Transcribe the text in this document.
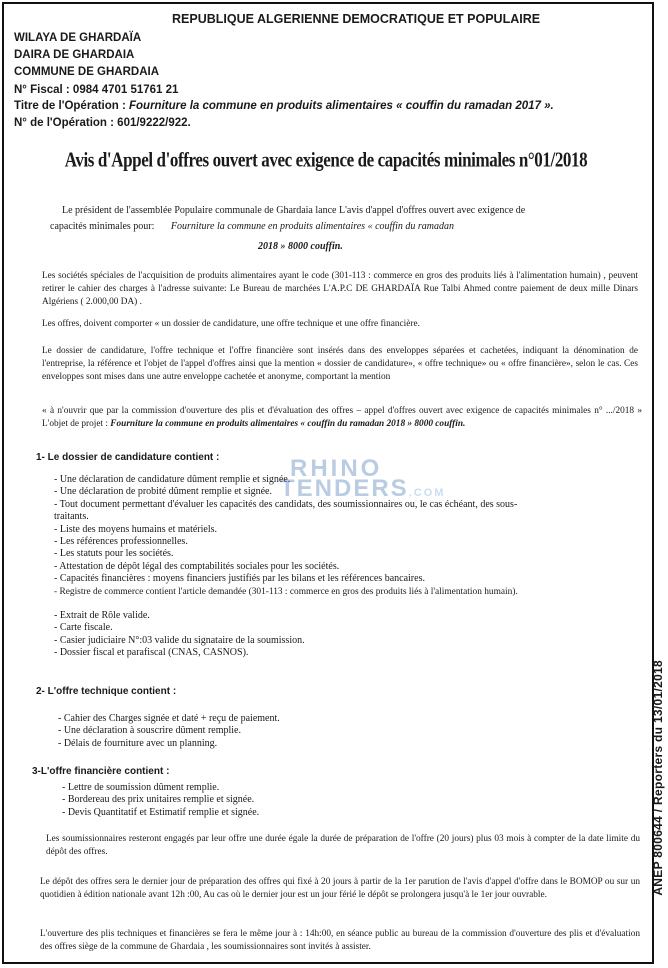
REPUBLIQUE ALGERIENNE DEMOCRATIQUE ET POPULAIRE
WILAYA DE GHARDAÏA
DAIRA DE GHARDAIA
COMMUNE DE GHARDAIA
N° Fiscal : 0984 4701 51761 21
Titre de l'Opération : Fourniture la commune en produits alimentaires « couffin du ramadan 2017 ».
N° de l'Opération : 601/9222/922.
Avis d'Appel d'offres ouvert avec exigence de capacités minimales n°01/2018
Le président de l'assemblée Populaire communale de Ghardaia lance L'avis d'appel d'offres ouvert avec exigence de
capacités minimales pour: Fourniture la commune en produits alimentaires « couffin du ramadan
2018 » 8000 couffin.
Les sociétés spéciales de l'acquisition de produits alimentaires ayant le code (301-113 : commerce en gros des produits liés à l'alimentation humain) , peuvent retirer le cahier des charges à l'adresse suivante: Le Bureau de marchées L'A.P.C DE GHARDAÏA Rue Talbi Ahmed contre paiement de deux mille Dinars Algériens ( 2.000,00 DA) .
Les offres, doivent comporter « un dossier de candidature, une offre technique et une offre financière.
Le dossier de candidature, l'offre technique et l'offre financière sont insérés dans des enveloppes séparées et cachetées, indiquant la dénomination de l'entreprise, la référence et l'objet de l'appel d'offres ainsi que la mention « dossier de candidature», « offre technique» ou « offre financière», selon le cas. Ces enveloppes sont mises dans une autre enveloppe cachetée et anonyme, comportant la mention
« à n'ouvrir que par la commission d'ouverture des plis et d'évaluation des offres – appel d'offres ouvert avec exigence de capacités minimales n° .../2018 » L'objet de projet : Fourniture la commune en produits alimentaires « couffin du ramadan 2018 » 8000 couffin.
1- Le dossier de candidature contient :
- Une déclaration de candidature dûment remplie et signée.
- Une déclaration de probité dûment remplie et signée.
- Tout document permettant d'évaluer les capacités des candidats, des soumissionnaires ou, le cas échéant, des sous-
traitants.
- Liste des moyens humains et matériels.
- Les références professionnelles.
- Les statuts pour les sociétés.
- Attestation de dépôt légal des comptabilités sociales pour les sociétés.
- Capacités financières : moyens financiers justifiés par les bilans et les références bancaires.
- Registre de commerce contient l'article demandée (301-113 : commerce en gros des produits liés à l'alimentation humain).
- Extrait de Rôle valide.
- Carte fiscale.
- Casier judiciaire N°:03 valide du signataire de la soumission.
- Dossier fiscal et parafiscal (CNAS, CASNOS).
2- L'offre technique contient :
- Cahier des Charges signée et daté + reçu de paiement.
- Une déclaration à souscrire dûment remplie.
- Délais de fourniture avec un planning.
3-L'offre financière contient :
- Lettre de soumission dûment remplie.
- Bordereau des prix unitaires remplie et signée.
- Devis Quantitatif et Estimatif remplie et signée.
Les soumissionnaires resteront engagés par leur offre une durée égale la durée de préparation de l'offre (20 jours) plus 03 mois à compter de la date limite du dépôt des offres.
Le dépôt des offres sera le dernier jour de préparation des offres qui fixé à 20 jours à partir de la 1er parution de l'avis d'appel d'offre dans le BOMOP ou sur un quotidien à édition nationale avant 12h :00, Au cas où le dernier jour est un jour férié le dépôt se prolongera jusqu'à le 1er jour ouvrable.
L'ouverture des plis techniques et financières se fera le même jour à : 14h:00, en séance public au bureau de la commission d'ouverture des plis et d'évaluation des offres siège de la commune de Ghardaia , les soumissionnaires sont invités à assister.
RHINO
TENDERS.COM
ANEP 800644 / Reporters du 13/01/2018
